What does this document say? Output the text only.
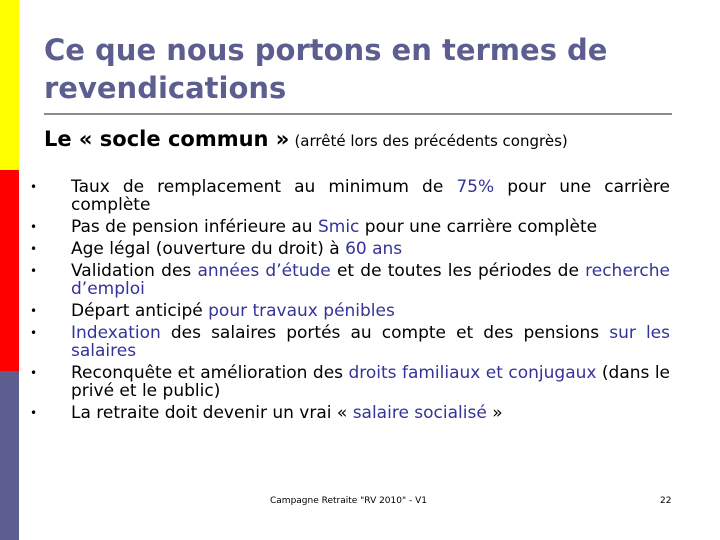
Ce que nous portons en termes de revendications
Le « socle commun » (arrêté lors des précédents congrès)
• Taux de remplacement au minimum de 75% pour une carrière complète
• Pas de pension inférieure au Smic pour une carrière complète
• Age légal (ouverture du droit) à 60 ans
• Validation des années d’étude et de toutes les périodes de recherche d’emploi
• Départ anticipé pour travaux pénibles
• Indexation des salaires portés au compte et des pensions sur les salaires
• Reconquête et amélioration des droits familiaux et conjugaux (dans le privé et le public)
• La retraite doit devenir un vrai « salaire socialisé »
Campagne Retraite "RV 2010" - V1	22
